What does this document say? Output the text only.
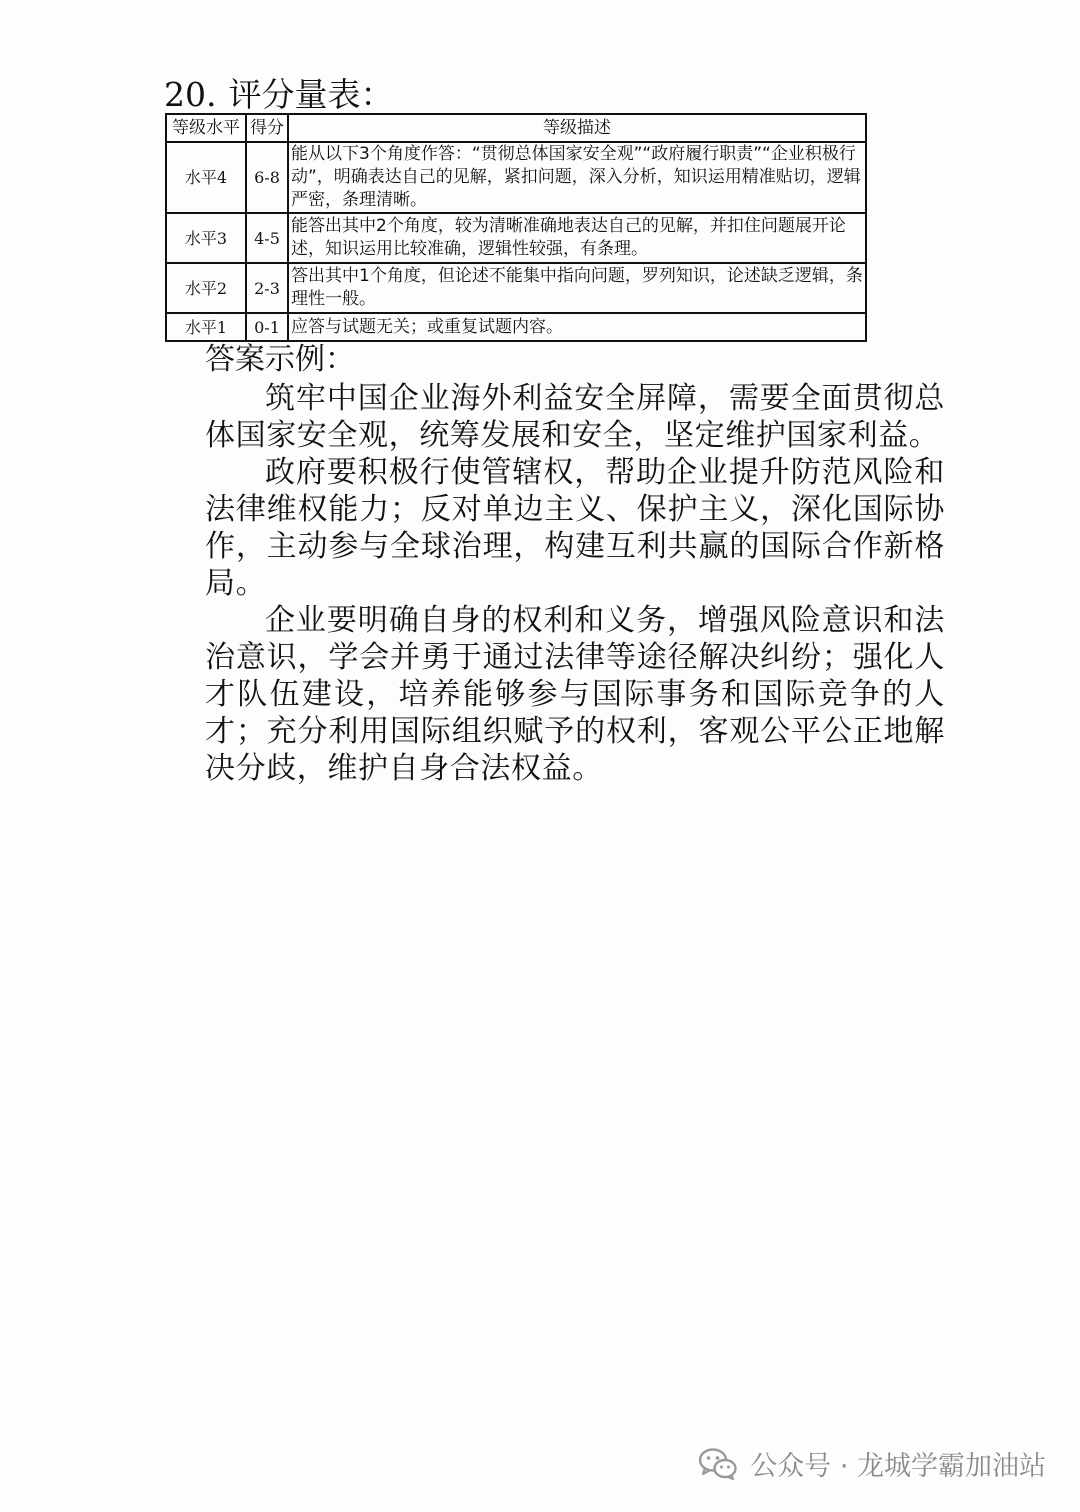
20. 评分量表：
等级水平	得分	等级描述
水平4	6-8	能从以下3个角度作答：“贯彻总体国家安全观”“政府履行职责”“企业积极行动”，明确表达自己的见解，紧扣问题，深入分析，知识运用精准贴切，逻辑严密，条理清晰。
水平3	4-5	能答出其中2个角度，较为清晰准确地表达自己的见解，并扣住问题展开论述，知识运用比较准确，逻辑性较强，有条理。
水平2	2-3	答出其中1个角度，但论述不能集中指向问题，罗列知识，论述缺乏逻辑，条理性一般。
水平1	0-1	应答与试题无关；或重复试题内容。
答案示例：

筑牢中国企业海外利益安全屏障，需要全面贯彻总体国家安全观，统筹发展和安全，坚定维护国家利益。

政府要积极行使管辖权，帮助企业提升防范风险和法律维权能力；反对单边主义、保护主义，深化国际协作，主动参与全球治理，构建互利共赢的国际合作新格局。

企业要明确自身的权利和义务，增强风险意识和法治意识，学会并勇于通过法律等途径解决纠纷；强化人才队伍建设，培养能够参与国际事务和国际竞争的人才；充分利用国际组织赋予的权利，客观公平公正地解决分歧，维护自身合法权益。

公众号 · 龙城学霸加油站
